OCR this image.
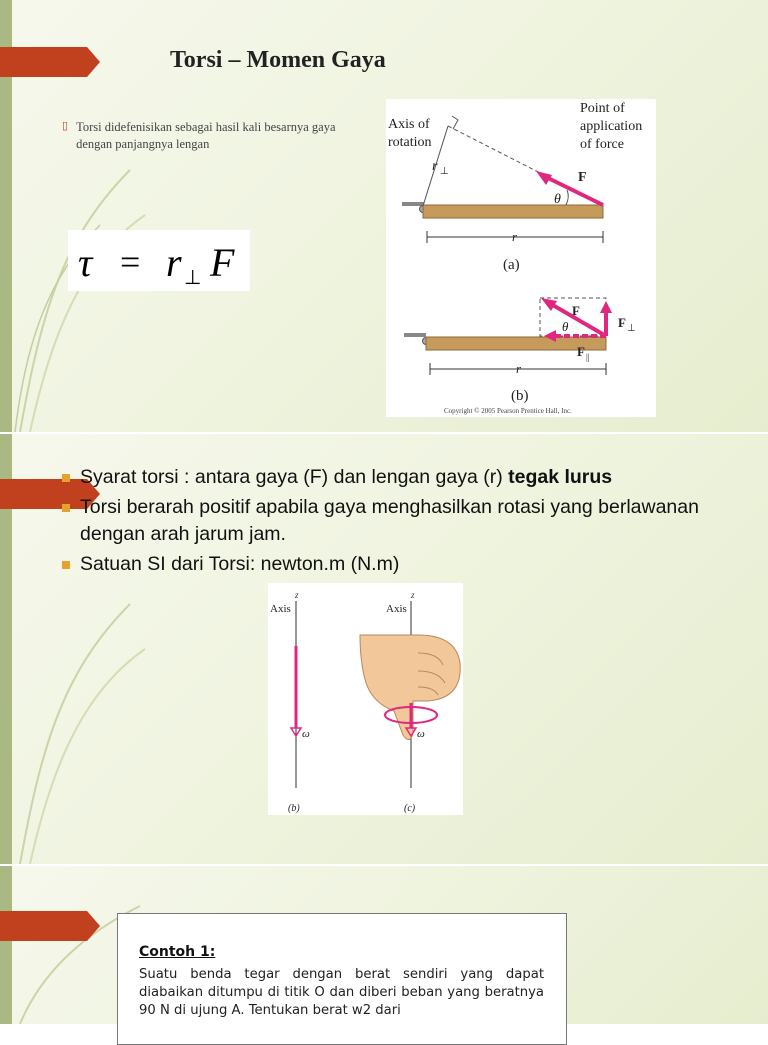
Torsi – Momen Gaya
▯ Torsi didefenisikan sebagai hasil kali besarnya gaya dengan panjangnya lengan
τ = r ⊥ F
Axis of
rotation
Point of
application
of force
r ⊥	F
θ
r
(a)
F
θ	F ⊥
F ||
r
(b)
Copyright © 2005 Pearson Prentice Hall, Inc.
Syarat torsi : antara gaya (F) dan lengan gaya (r) tegak lurus
Torsi berarah positif apabila gaya menghasilkan rotasi yang berlawanan dengan arah jarum jam.
Satuan SI dari Torsi: newton.m (N.m)
z
Axis
ω
(b)
z
Axis
ω
(c)

Contoh 1:

Suatu benda tegar dengan berat sendiri yang dapat diabaikan ditumpu di titik O dan diberi beban yang beratnya 90 N di ujung A. Tentukan berat w2 dari
